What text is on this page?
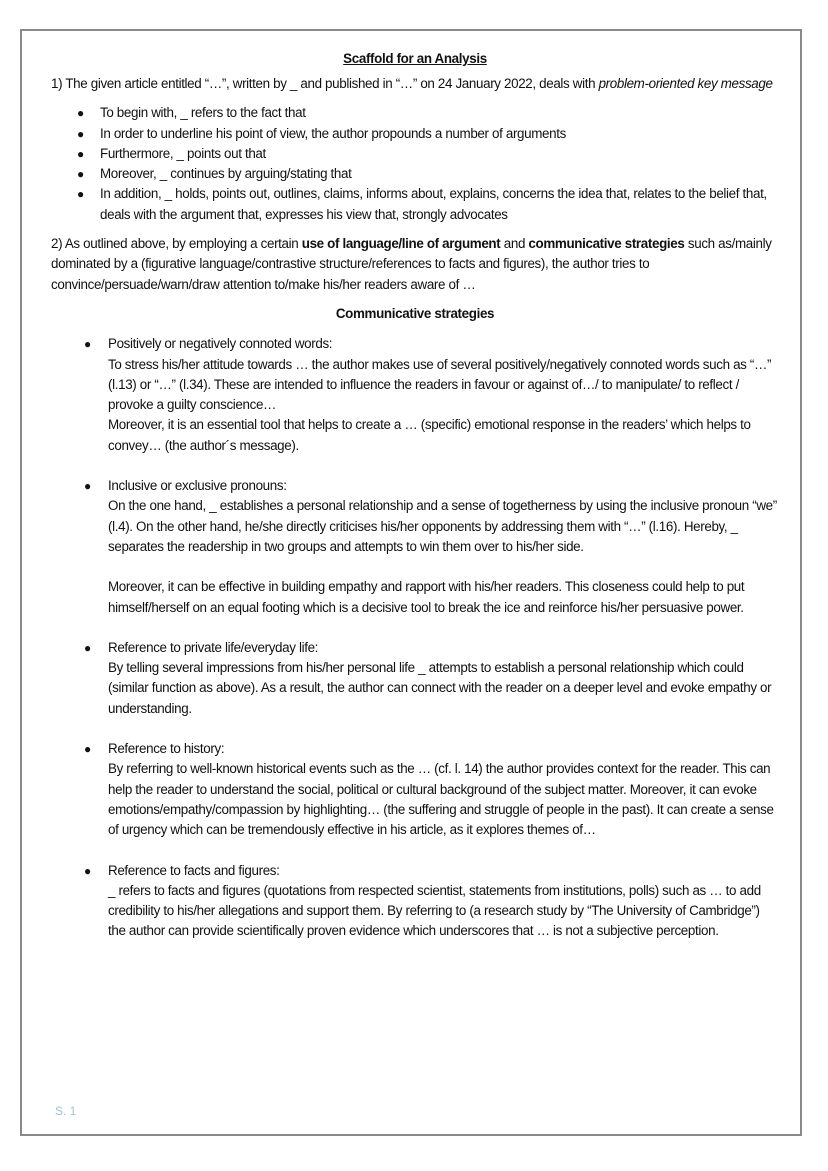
Scaffold for an Analysis

1) The given article entitled “…”, written by _ and published in “…” on 24 January 2022, deals with problem-oriented key message

● To begin with, _ refers to the fact that
● In order to underline his point of view, the author propounds a number of arguments
● Furthermore, _ points out that
● Moreover, _ continues by arguing/stating that
● In addition, _ holds, points out, outlines, claims, informs about, explains, concerns the idea that, relates to the belief that, deals with the argument that, expresses his view that, strongly advocates

2) As outlined above, by employing a certain use of language/line of argument and communicative strategies such as/mainly dominated by a (figurative language/contrastive structure/references to facts and figures), the author tries to convince/persuade/warn/draw attention to/make his/her readers aware of …

Communicative strategies
● Positively or negatively connoted words:

To stress his/her attitude towards … the author makes use of several positively/negatively connoted words such as “…” (l.13) or “…” (l.34). These are intended to influence the readers in favour or against of…/ to manipulate/ to reflect / provoke a guilty conscience…

Moreover, it is an essential tool that helps to create a … (specific) emotional response in the readers’ which helps to convey… (the author´s message).

● Inclusive or exclusive pronouns:

On the one hand, _ establishes a personal relationship and a sense of togetherness by using the inclusive pronoun “we” (l.4). On the other hand, he/she directly criticises his/her opponents by addressing them with “…” (l.16). Hereby, _ separates the readership in two groups and attempts to win them over to his/her side.

Moreover, it can be effective in building empathy and rapport with his/her readers. This closeness could help to put himself/herself on an equal footing which is a decisive tool to break the ice and reinforce his/her persuasive power.

● Reference to private life/everyday life:

By telling several impressions from his/her personal life _ attempts to establish a personal relationship which could (similar function as above). As a result, the author can connect with the reader on a deeper level and evoke empathy or understanding.

● Reference to history:

By referring to well-known historical events such as the … (cf. l. 14) the author provides context for the reader. This can help the reader to understand the social, political or cultural background of the subject matter. Moreover, it can evoke emotions/empathy/compassion by highlighting… (the suffering and struggle of people in the past). It can create a sense of urgency which can be tremendously effective in his article, as it explores themes of…

● Reference to facts and figures:

_ refers to facts and figures (quotations from respected scientist, statements from institutions, polls) such as … to add credibility to his/her allegations and support them. By referring to (a research study by “The University of Cambridge”) the author can provide scientifically proven evidence which underscores that … is not a subjective perception.

S. 1
